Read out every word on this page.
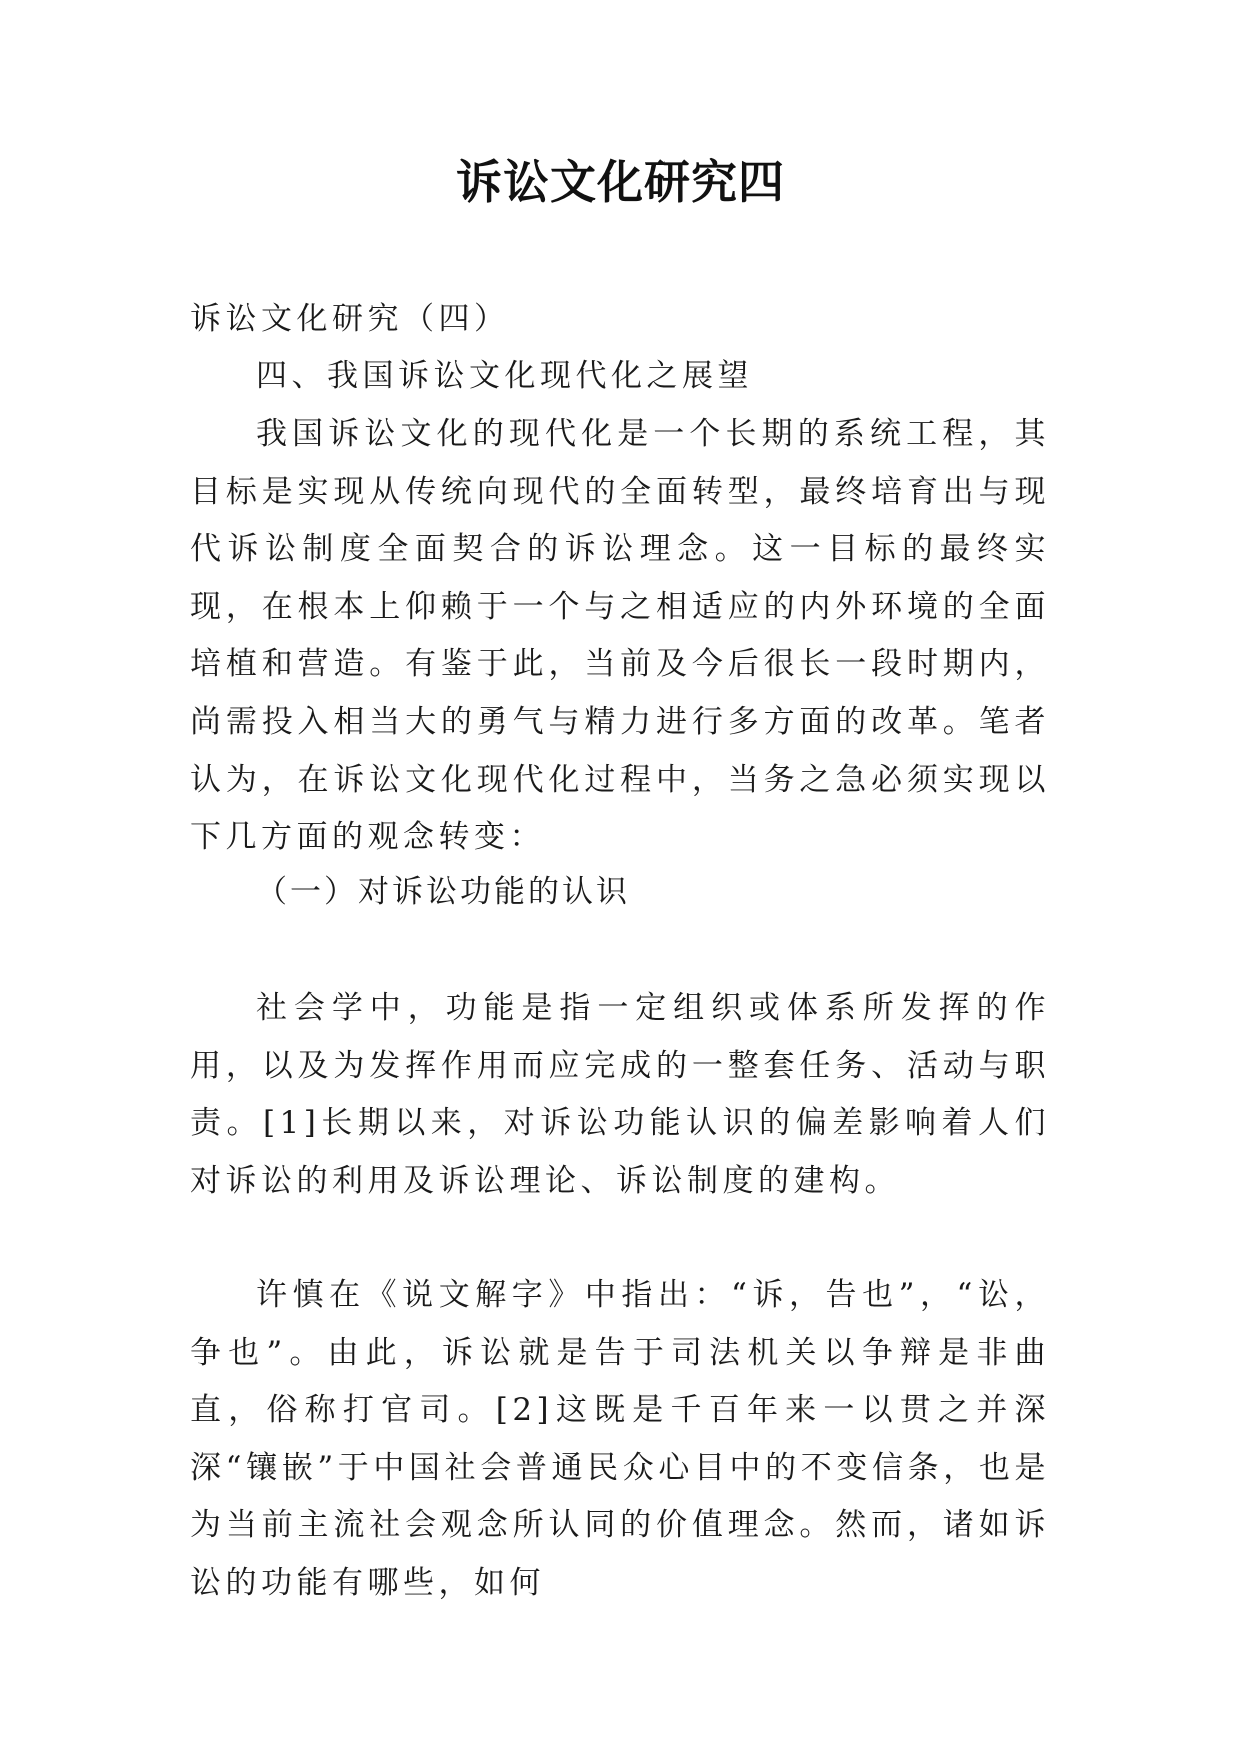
诉讼文化研究四

诉讼文化研究（四）

四、我国诉讼文化现代化之展望

我国诉讼文化的现代化是一个长期的系统工程，其目标是实现从传统向现代的全面转型，最终培育出与现代诉讼制度全面契合的诉讼理念。这一目标的最终实现，在根本上仰赖于一个与之相适应的内外环境的全面培植和营造。有鉴于此，当前及今后很长一段时期内，尚需投入相当大的勇气与精力进行多方面的改革。笔者认为，在诉讼文化现代化过程中，当务之急必须实现以下几方面的观念转变：

（一）对诉讼功能的认识

社会学中，功能是指一定组织或体系所发挥的作用，以及为发挥作用而应完成的一整套任务、活动与职责。[1]长期以来，对诉讼功能认识的偏差影响着人们对诉讼的利用及诉讼理论、诉讼制度的建构。

许慎在《说文解字》中指出：“诉，告也”，“讼，争也”。由此，诉讼就是告于司法机关以争辩是非曲直，俗称打官司。[2]这既是千百年来一以贯之并深深“镶嵌”于中国社会普通民众心目中的不变信条，也是为当前主流社会观念所认同的价值理念。然而，诸如诉讼的功能有哪些，如何
